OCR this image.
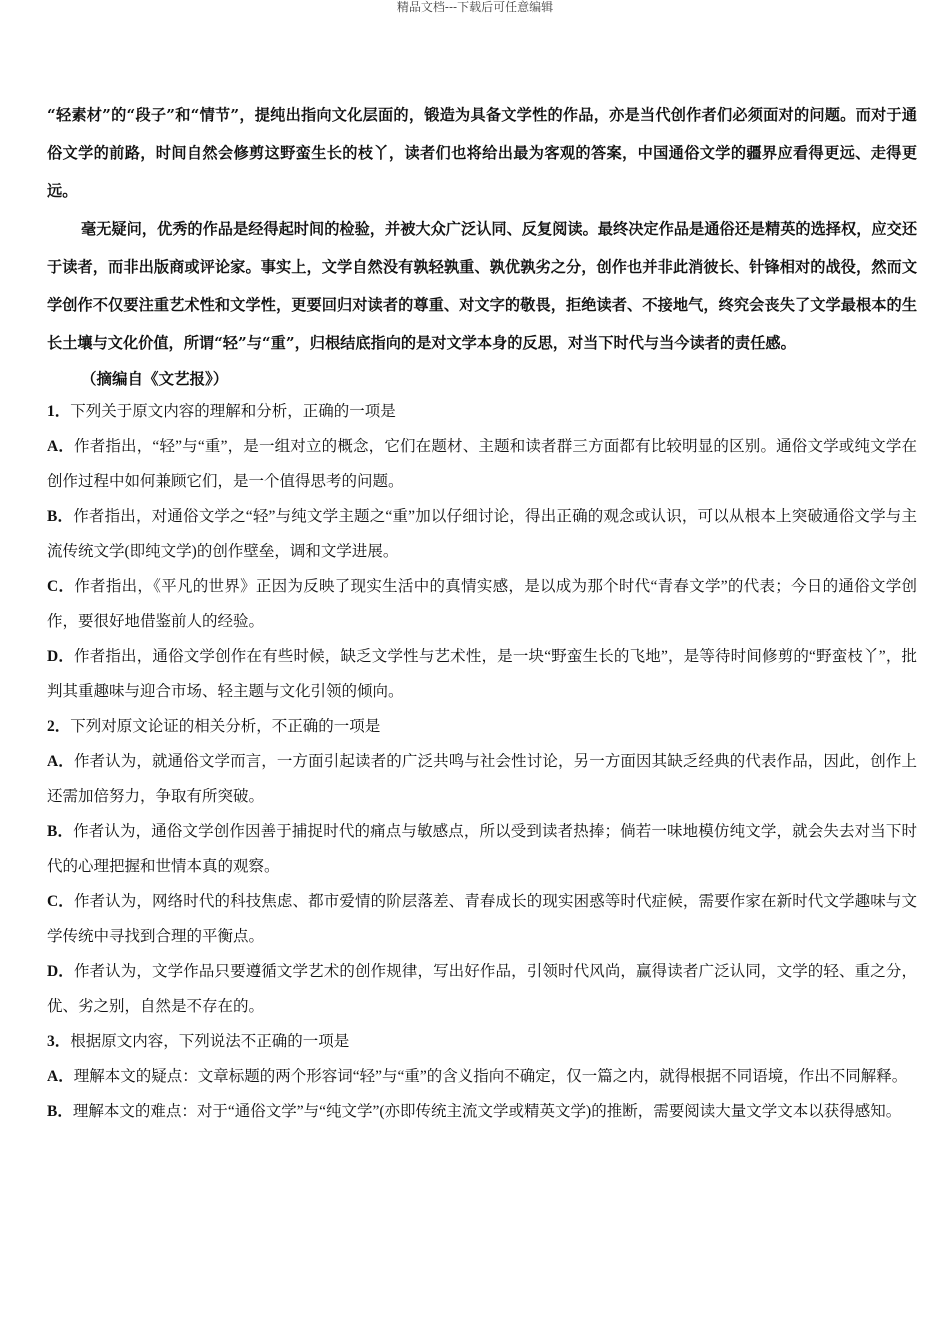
精品文档---下载后可任意编辑

“轻素材”的“段子”和“情节”，提纯出指向文化层面的，锻造为具备文学性的作品，亦是当代创作者们必须面对的问题。而对于通俗文学的前路，时间自然会修剪这野蛮生长的枝丫，读者们也将给出最为客观的答案，中国通俗文学的疆界应看得更远、走得更远。

毫无疑问，优秀的作品是经得起时间的检验，并被大众广泛认同、反复阅读。最终决定作品是通俗还是精英的选择权，应交还于读者，而非出版商或评论家。事实上，文学自然没有孰轻孰重、孰优孰劣之分，创作也并非此消彼长、针锋相对的战役，然而文学创作不仅要注重艺术性和文学性，更要回归对读者的尊重、对文字的敬畏，拒绝读者、不接地气，终究会丧失了文学最根本的生长土壤与文化价值，所谓“轻”与“重”，归根结底指向的是对文学本身的反思，对当下时代与当今读者的责任感。

（摘编自《文艺报》）

1．下列关于原文内容的理解和分析，正确的一项是

A．作者指出，“轻”与“重”，是一组对立的概念，它们在题材、主题和读者群三方面都有比较明显的区别。通俗文学或纯文学在创作过程中如何兼顾它们，是一个值得思考的问题。

B．作者指出，对通俗文学之“轻”与纯文学主题之“重”加以仔细讨论，得出正确的观念或认识，可以从根本上突破通俗文学与主流传统文学(即纯文学)的创作壁垒，调和文学进展。

C．作者指出，《平凡的世界》正因为反映了现实生活中的真情实感，是以成为那个时代“青春文学”的代表；今日的通俗文学创作，要很好地借鉴前人的经验。

D．作者指出，通俗文学创作在有些时候，缺乏文学性与艺术性，是一块“野蛮生长的飞地”，是等待时间修剪的“野蛮枝丫”，批判其重趣味与迎合市场、轻主题与文化引领的倾向。

2．下列对原文论证的相关分析，不正确的一项是

A．作者认为，就通俗文学而言，一方面引起读者的广泛共鸣与社会性讨论，另一方面因其缺乏经典的代表作品，因此，创作上还需加倍努力，争取有所突破。

B．作者认为，通俗文学创作因善于捕捉时代的痛点与敏感点，所以受到读者热捧；倘若一味地模仿纯文学，就会失去对当下时代的心理把握和世情本真的观察。

C．作者认为，网络时代的科技焦虑、都市爱情的阶层落差、青春成长的现实困惑等时代症候，需要作家在新时代文学趣味与文学传统中寻找到合理的平衡点。

D．作者认为，文学作品只要遵循文学艺术的创作规律，写出好作品，引领时代风尚，赢得读者广泛认同，文学的轻、重之分，优、劣之别，自然是不存在的。

3．根据原文内容，下列说法不正确的一项是

A．理解本文的疑点：文章标题的两个形容词“轻”与“重”的含义指向不确定，仅一篇之内，就得根据不同语境，作出不同解释。

B．理解本文的难点：对于“通俗文学”与“纯文学”(亦即传统主流文学或精英文学)的推断，需要阅读大量文学文本以获得感知。
